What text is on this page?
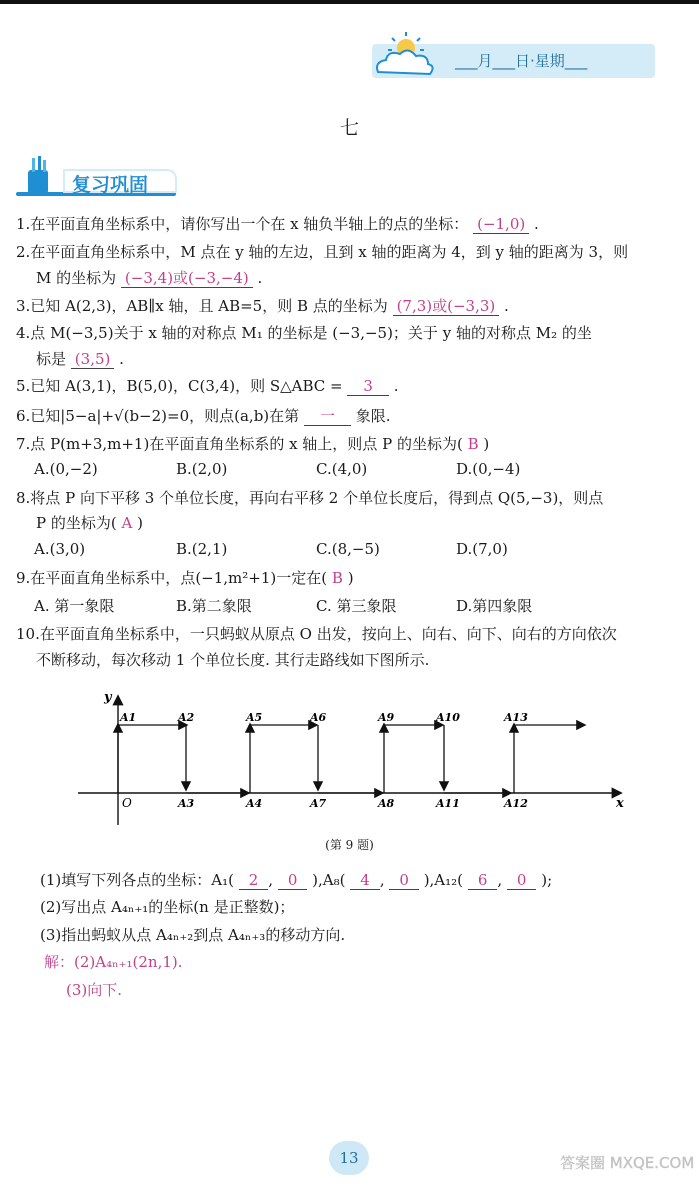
___月___日·星期___
七
复习巩固
1.在平面直角坐标系中，请你写出一个在 x 轴负半轴上的点的坐标： (−1,0) .
2.在平面直角坐标系中，M 点在 y 轴的左边，且到 x 轴的距离为 4，到 y 轴的距离为 3，则
M 的坐标为 (−3,4)或(−3,−4) .
3.已知 A(2,3)，AB∥x 轴，且 AB=5，则 B 点的坐标为 (7,3)或(−3,3) .
4.点 M(−3,5)关于 x 轴的对称点 M₁ 的坐标是 (−3,−5)；关于 y 轴的对称点 M₂ 的坐
标是 (3,5) .
5.已知 A(3,1)，B(5,0)，C(3,4)，则 S△ABC = 3 .
6.已知|5−a|+√(b−2)=0，则点(a,b)在第 一 象限.
7.点 P(m+3,m+1)在平面直角坐标系的 x 轴上，则点 P 的坐标为( B )
A.(0,−2)	B.(2,0)	C.(4,0)	D.(0,−4)
8.将点 P 向下平移 3 个单位长度，再向右平移 2 个单位长度后，得到点 Q(5,−3)，则点
P 的坐标为( A )
A.(3,0)	B.(2,1)	C.(8,−5)	D.(7,0)
9.在平面直角坐标系中，点(−1,m²+1)一定在( B )
A. 第一象限	B.第二象限	C. 第三象限	D.第四象限
10.在平面直角坐标系中，一只蚂蚁从原点 O 出发，按向上、向右、向下、向右的方向依次
不断移动，每次移动 1 个单位长度. 其行走路线如下图所示.
y
x
O
A1	A2	A5	A6	A9	A10	A13
A3	A4	A7	A8	A11	A12
(第 9 题)
(1)填写下列各点的坐标：A₁( 2 , 0 ),A₈( 4 , 0 ),A₁₂( 6 , 0 );
(2)写出点 A₄ₙ₊₁的坐标(n 是正整数)；
(3)指出蚂蚁从点 A₄ₙ₊₂到点 A₄ₙ₊₃的移动方向.
解：(2)A₄ₙ₊₁(2n,1).
(3)向下.
13	答案圈 MXQE.COM
